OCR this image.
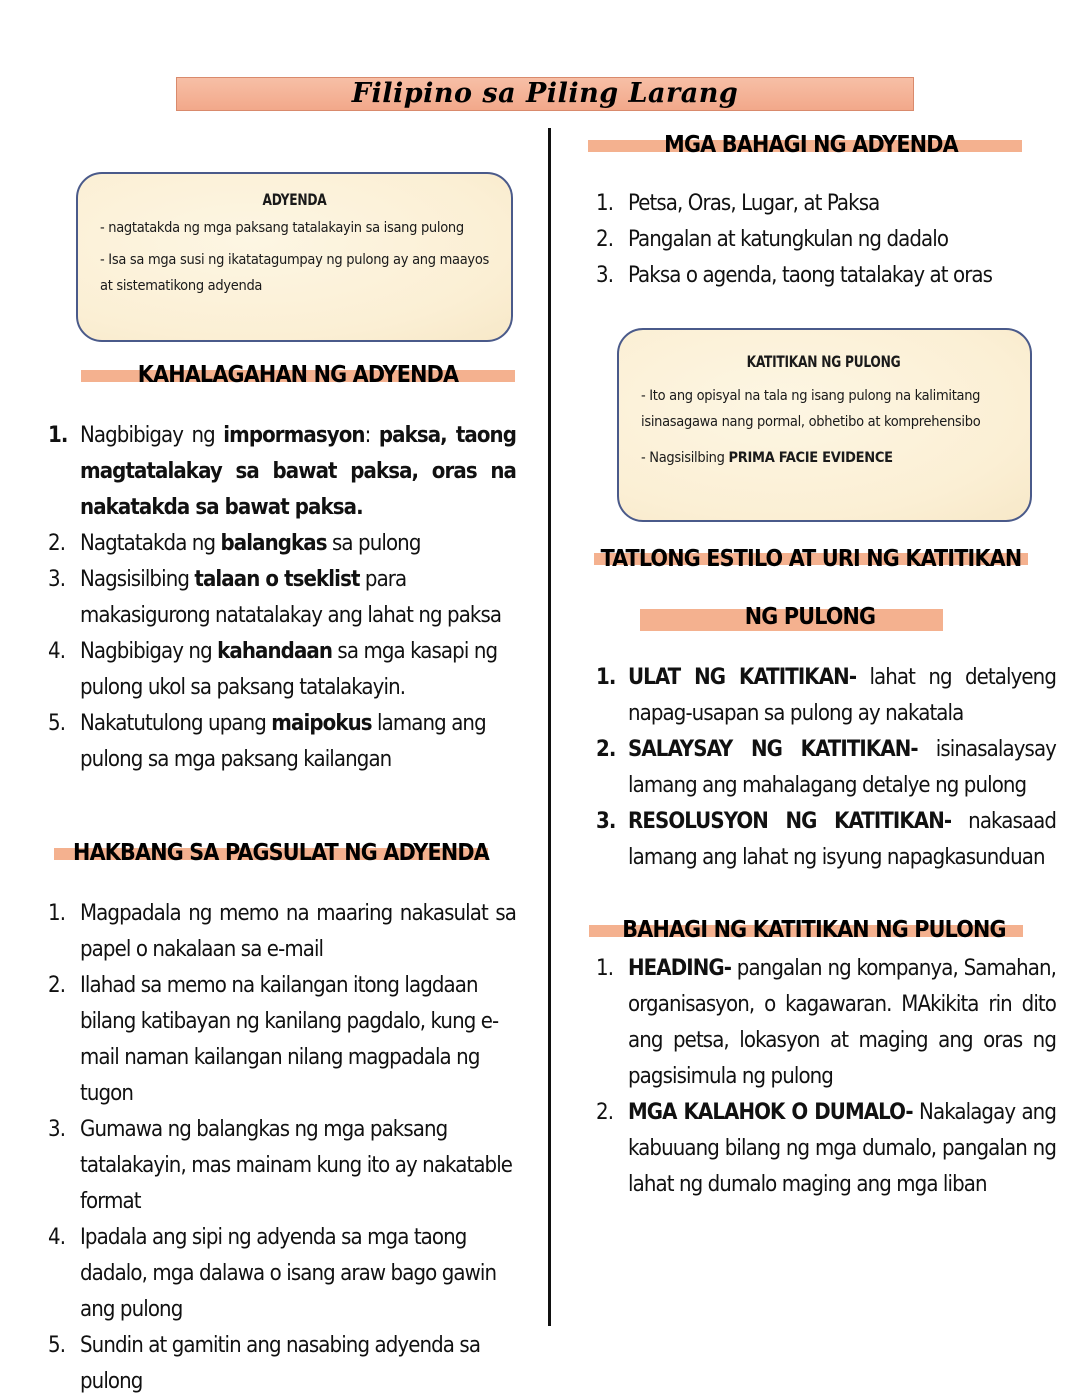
Filipino sa Piling Larang
ADYENDA

- nagtatakda ng mga paksang tatalakayin sa isang pulong

- Isa sa mga susi ng ikatatagumpay ng pulong ay ang maayos at sistematikong adyenda

KAHALAGAHAN NG ADYENDA
1. Nagbibigay ng impormasyon: paksa, taong magtatalakay sa bawat paksa, oras na nakatakda sa bawat paksa.
2. Nagtatakda ng balangkas sa pulong
3. Nagsisilbing talaan o tseklist para makasigurong natatalakay ang lahat ng paksa
4. Nagbibigay ng kahandaan sa mga kasapi ng pulong ukol sa paksang tatalakayin.
5. Nakatutulong upang maipokus lamang ang pulong sa mga paksang kailangan
HAKBANG SA PAGSULAT NG ADYENDA
1. Magpadala ng memo na maaring nakasulat sa papel o nakalaan sa e-mail
2. Ilahad sa memo na kailangan itong lagdaan bilang katibayan ng kanilang pagdalo, kung e-mail naman kailangan nilang magpadala ng tugon
3. Gumawa ng balangkas ng mga paksang tatalakayin, mas mainam kung ito ay nakatable format
4. Ipadala ang sipi ng adyenda sa mga taong dadalo, mga dalawa o isang araw bago gawin ang pulong
5. Sundin at gamitin ang nasabing adyenda sa pulong
MGA BAHAGI NG ADYENDA
1. Petsa, Oras, Lugar, at Paksa
2. Pangalan at katungkulan ng dadalo
3. Paksa o agenda, taong tatalakay at oras
KATITIKAN NG PULONG

- Ito ang opisyal na tala ng isang pulong na kalimitang isinasagawa nang pormal, obhetibo at komprehensibo

- Nagsisilbing PRIMA FACIE EVIDENCE

TATLONG ESTILO AT URI NG KATITIKAN
NG PULONG
1. ULAT NG KATITIKAN- lahat ng detalyeng napag-usapan sa pulong ay nakatala
2. SALAYSAY NG KATITIKAN- isinasalaysay lamang ang mahalagang detalye ng pulong
3. RESOLUSYON NG KATITIKAN- nakasaad lamang ang lahat ng isyung napagkasunduan
BAHAGI NG KATITIKAN NG PULONG
1. HEADING- pangalan ng kompanya, Samahan, organisasyon, o kagawaran. MAkikita rin dito ang petsa, lokasyon at maging ang oras ng pagsisimula ng pulong
2. MGA KALAHOK O DUMALO- Nakalagay ang kabuuang bilang ng mga dumalo, pangalan ng lahat ng dumalo maging ang mga liban
